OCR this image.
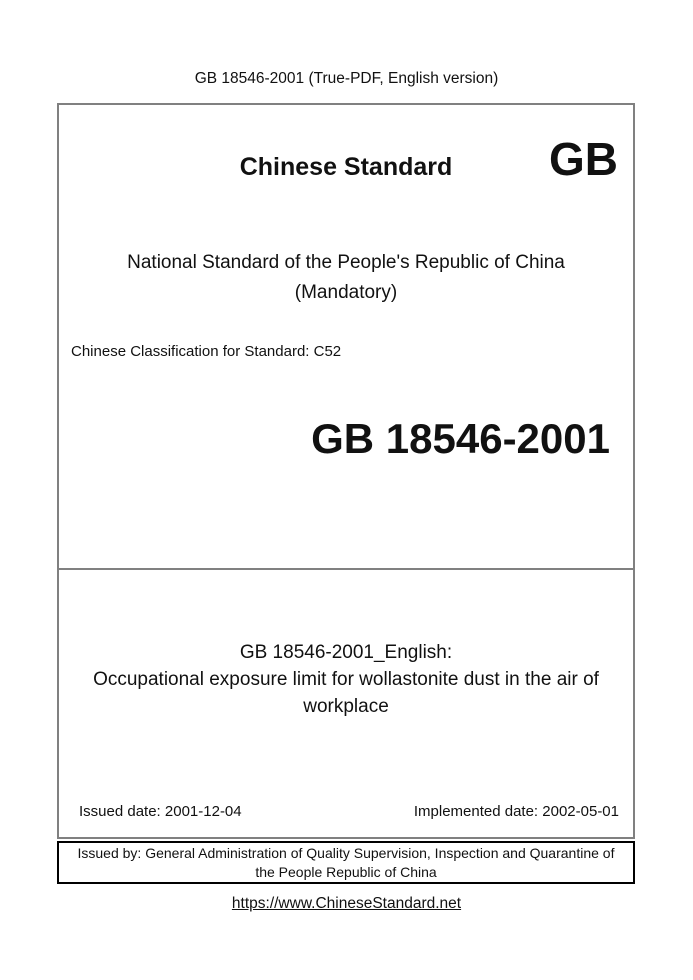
GB 18546-2001 (True-PDF, English version)
Chinese Standard	GB
National Standard of the People's Republic of China
(Mandatory)
Chinese Classification for Standard: C52
GB 18546-2001
GB 18546-2001_English:
Occupational exposure limit for wollastonite dust in the air of
workplace
Issued date: 2001-12-04	Implemented date: 2002-05-01
Issued by: General Administration of Quality Supervision, Inspection and Quarantine of
the People Republic of China
https://www.ChineseStandard.net
